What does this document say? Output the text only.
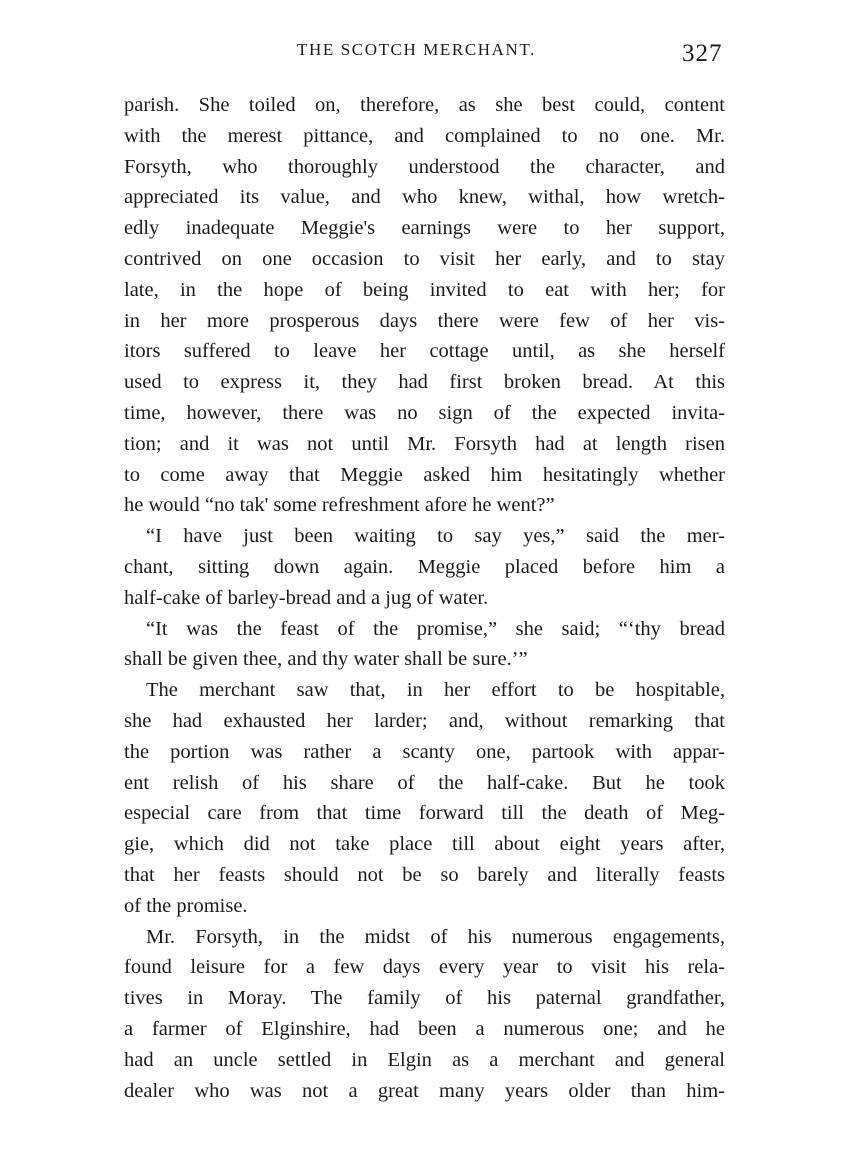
THE SCOTCH MERCHANT.	327
parish. She toiled on, therefore, as she best could, content
with the merest pittance, and complained to no one. Mr.
Forsyth, who thoroughly understood the character, and
appreciated its value, and who knew, withal, how wretch-
edly inadequate Meggie's earnings were to her support,
contrived on one occasion to visit her early, and to stay
late, in the hope of being invited to eat with her; for
in her more prosperous days there were few of her vis-
itors suffered to leave her cottage until, as she herself
used to express it, they had first broken bread. At this
time, however, there was no sign of the expected invita-
tion; and it was not until Mr. Forsyth had at length risen
to come away that Meggie asked him hesitatingly whether
he would “no tak' some refreshment afore he went?”
“I have just been waiting to say yes,” said the mer-
chant, sitting down again. Meggie placed before him a
half-cake of barley-bread and a jug of water.
“It was the feast of the promise,” she said; “‘thy bread
shall be given thee, and thy water shall be sure.’”
The merchant saw that, in her effort to be hospitable,
she had exhausted her larder; and, without remarking that
the portion was rather a scanty one, partook with appar-
ent relish of his share of the half-cake. But he took
especial care from that time forward till the death of Meg-
gie, which did not take place till about eight years after,
that her feasts should not be so barely and literally feasts
of the promise.
Mr. Forsyth, in the midst of his numerous engagements,
found leisure for a few days every year to visit his rela-
tives in Moray. The family of his paternal grandfather,
a farmer of Elginshire, had been a numerous one; and he
had an uncle settled in Elgin as a merchant and general
dealer who was not a great many years older than him-
